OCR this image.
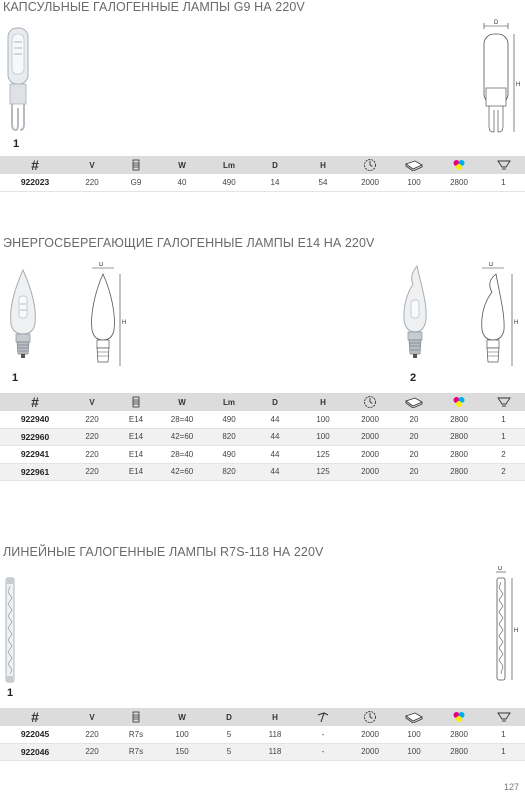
КАПСУЛЬНЫЕ ГАЛОГЕННЫЕ ЛАМПЫ G9 НА 220V
1
D
H
#	V		W	Lm	D	H				
922023	220	G9	40	490	14	54	2000	100	2800	1
ЭНЕРГОСБЕРЕГАЮЩИЕ ГАЛОГЕННЫЕ ЛАМПЫ E14 НА 220V
1
D
H
2
D
H
#	V		W	Lm	D	H				
922940	220	E14	28=40	490	44	100	2000	20	2800	1
922960	220	E14	42=60	820	44	100	2000	20	2800	1
922941	220	E14	28=40	490	44	125	2000	20	2800	2
922961	220	E14	42=60	820	44	125	2000	20	2800	2
ЛИНЕЙНЫЕ ГАЛОГЕННЫЕ ЛАМПЫ R7S-118 НА 220V
1
D
H
#	V		W	D	H					
922045	220	R7s	100	5	118	-	2000	100	2800	1
922046	220	R7s	150	5	118	-	2000	100	2800	1
127
